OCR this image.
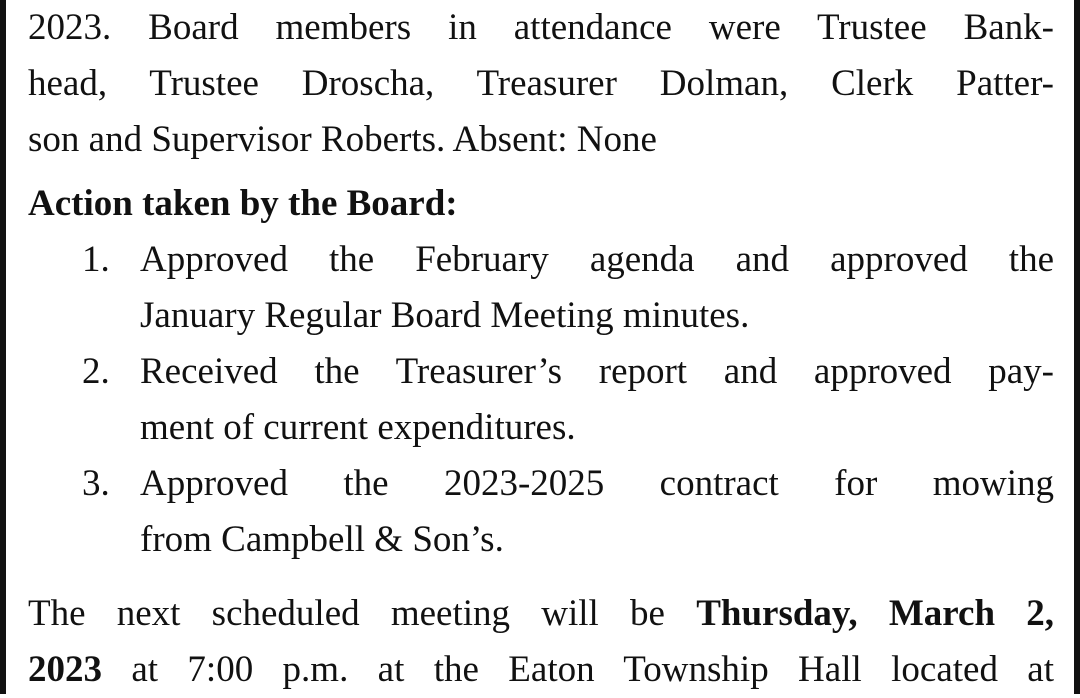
2023. Board members in attendance were Trustee Bank-
head, Trustee Droscha, Treasurer Dolman, Clerk Patter-
son and Supervisor Roberts. Absent: None
Action taken by the Board:
1. Approved the February agenda and approved the
January Regular Board Meeting minutes.
2. Received the Treasurer’s report and approved pay-
ment of current expenditures.
3. Approved the 2023-2025 contract for mowing
from Campbell & Son’s.
The next scheduled meeting will be Thursday, March 2,
2023 at 7:00 p.m. at the Eaton Township Hall located at
